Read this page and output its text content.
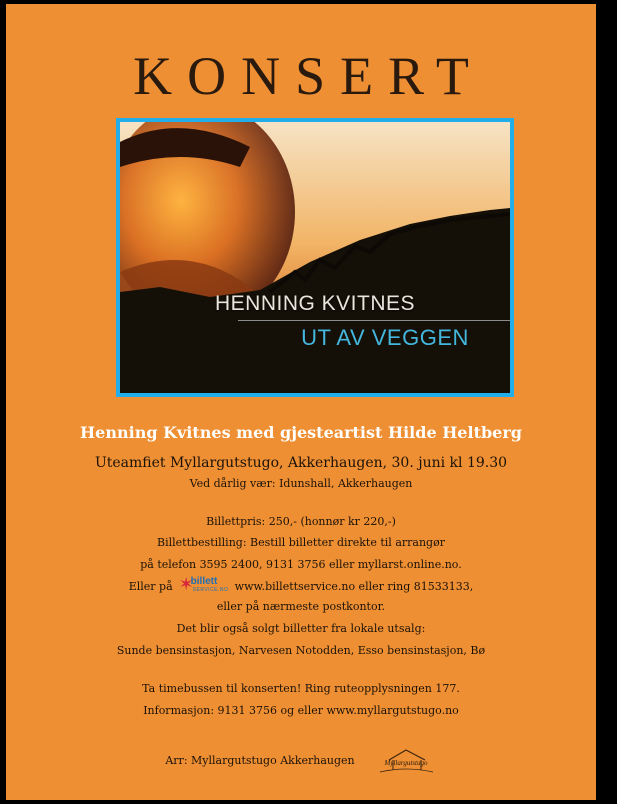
KONSERT
HENNING KVITNES
UT AV VEGGEN
Henning Kvitnes med gjesteartist Hilde Heltberg
Uteamfiet Myllargutstugo, Akkerhaugen, 30. juni kl 19.30
Ved dårlig vær: Idunshall, Akkerhaugen
Billettpris: 250,- (honnør kr 220,-)
Billettbestilling: Bestill billetter direkte til arrangør
på telefon 3595 2400, 9131 3756 eller myllarst.online.no.
Eller på ✶
billett
SERVICE.NO www.billettservice.no eller ring 81533133,
eller på nærmeste postkontor.
Det blir også solgt billetter fra lokale utsalg:
Sunde bensinstasjon, Narvesen Notodden, Esso bensinstasjon, Bø
Ta timebussen til konserten! Ring ruteopplysningen 177.
Informasjon: 9131 3756 og eller www.myllargutstugo.no
Arr: Myllargutstugo Akkerhaugen	Myllargutstugo
